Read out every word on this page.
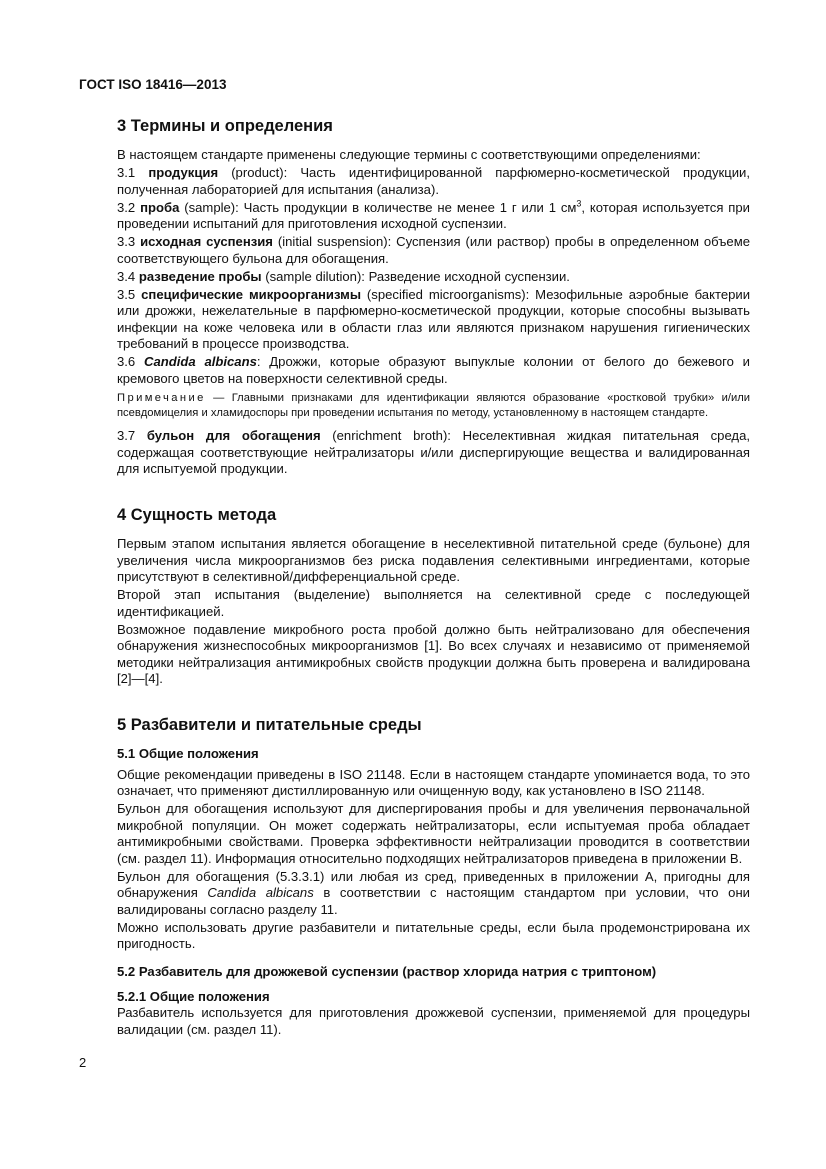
ГОСТ ISO 18416—2013
3 Термины и определения

В настоящем стандарте применены следующие термины с соответствующими определениями:

3.1 продукция (product): Часть идентифицированной парфюмерно-косметической продукции, полученная лабораторией для испытания (анализа).

3.2 проба (sample): Часть продукции в количестве не менее 1 г или 1 $см^3$, которая используется при проведении испытаний для приготовления исходной суспензии.

3.3 исходная суспензия (initial suspension): Суспензия (или раствор) пробы в определенном объеме соответствующего бульона для обогащения.

3.4 разведение пробы (sample dilution): Разведение исходной суспензии.

3.5 специфические микроорганизмы (specified microorganisms): Мезофильные аэробные бактерии или дрожжи, нежелательные в парфюмерно-косметической продукции, которые способны вызывать инфекции на коже человека или в области глаз или являются признаком нарушения гигиенических требований в процессе производства.

3.6 Candida albicans: Дрожжи, которые образуют выпуклые колонии от белого до бежевого и кремового цветов на поверхности селективной среды.

Примечание — Главными признаками для идентификации являются образование «ростковой трубки» и/или псевдомицелия и хламидоспоры при проведении испытания по методу, установленному в настоящем стандарте.

3.7 бульон для обогащения (enrichment broth): Неселективная жидкая питательная среда, содержащая соответствующие нейтрализаторы и/или диспергирующие вещества и валидированная для испытуемой продукции.

4 Сущность метода

Первым этапом испытания является обогащение в неселективной питательной среде (бульоне) для увеличения числа микроорганизмов без риска подавления селективными ингредиентами, которые присутствуют в селективной/дифференциальной среде.

Второй этап испытания (выделение) выполняется на селективной среде с последующей идентификацией.

Возможное подавление микробного роста пробой должно быть нейтрализовано для обеспечения обнаружения жизнеспособных микроорганизмов [1]. Во всех случаях и независимо от применяемой методики нейтрализация антимикробных свойств продукции должна быть проверена и валидирована [2]—[4].

5 Разбавители и питательные среды
5.1 Общие положения

Общие рекомендации приведены в ISO 21148. Если в настоящем стандарте упоминается вода, то это означает, что применяют дистиллированную или очищенную воду, как установлено в ISO 21148.

Бульон для обогащения используют для диспергирования пробы и для увеличения первоначальной микробной популяции. Он может содержать нейтрализаторы, если испытуемая проба обладает антимикробными свойствами. Проверка эффективности нейтрализации проводится в соответствии (см. раздел 11). Информация относительно подходящих нейтрализаторов приведена в приложении B.

Бульон для обогащения (5.3.3.1) или любая из сред, приведенных в приложении А, пригодны для обнаружения Candida albicans в соответствии с настоящим стандартом при условии, что они валидированы согласно разделу 11.

Можно использовать другие разбавители и питательные среды, если была продемонстрирована их пригодность.

5.2 Разбавитель для дрожжевой суспензии (раствор хлорида натрия с триптоном)
5.2.1 Общие положения

Разбавитель используется для приготовления дрожжевой суспензии, применяемой для процедуры валидации (см. раздел 11).

2
